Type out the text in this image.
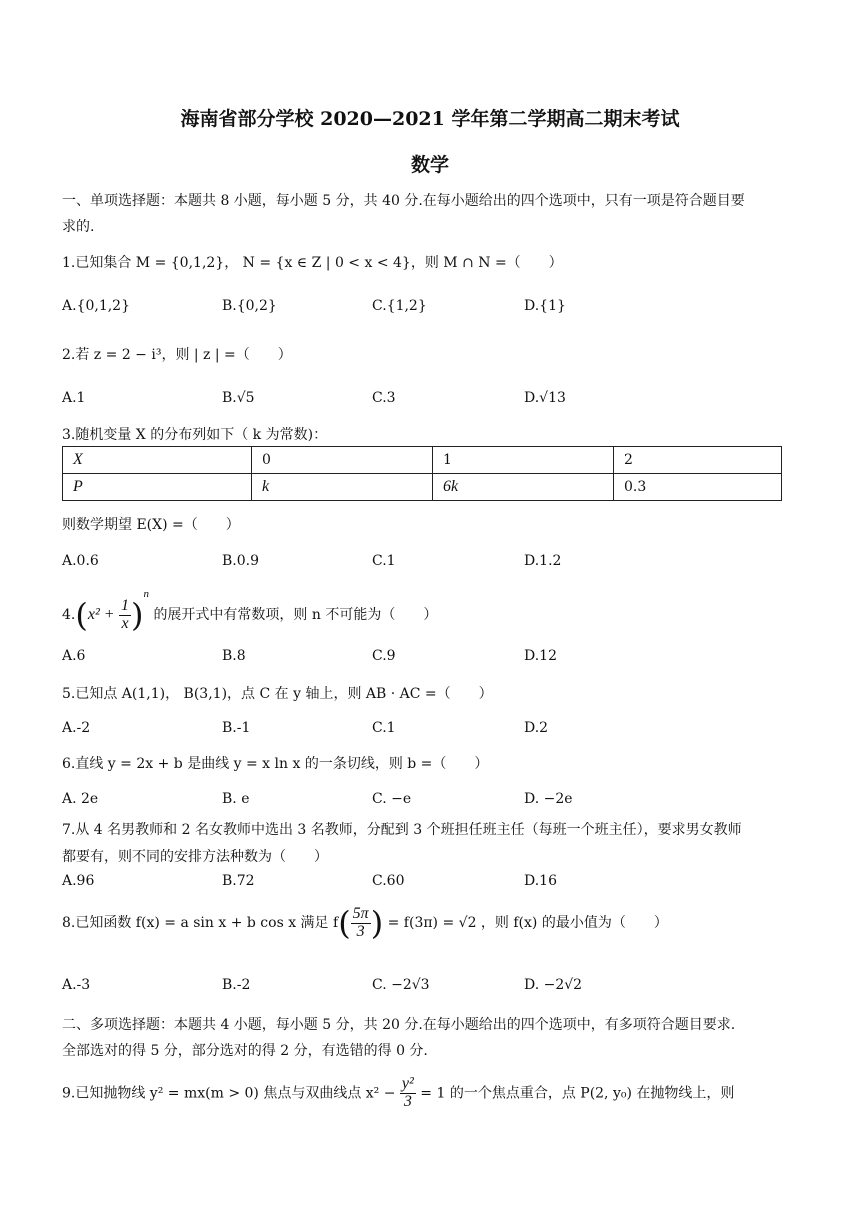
海南省部分学校 2020—2021 学年第二学期高二期末考试
数学
一、单项选择题：本题共 8 小题，每小题 5 分，共 40 分.在每小题给出的四个选项中，只有一项是符合题目要
求的.
1.已知集合 M = {0,1,2}， N = {x ∈ Z | 0 < x < 4}，则 M ∩ N =（　　）
A.{0,1,2}	B.{0,2}	C.{1,2}	D.{1}
2.若 z = 2 − i³，则 | z | =（　　）
A.1	B.√5	C.3	D.√13
3.随机变量 X 的分布列如下（ k 为常数)：
X	0	1	2
P	k	6k	0.3
则数学期望 E(X) =（　　）
A.0.6	B.0.9	C.1	D.1.2
$4.(x^2 + \frac{1}{x} )^n$ 的展开式中有常数项，则 n 不可能为（　　）
A.6	B.8	C.9	D.12
5.已知点 A(1,1)， B(3,1)，点 C 在 y 轴上，则 AB · AC =（　　）
A.-2	B.-1	C.1	D.2
6.直线 y = 2x + b 是曲线 y = x ln x 的一条切线，则 b =（　　）
A. 2e	B. e	C. −e	D. −2e
7.从 4 名男教师和 2 名女教师中选出 3 名教师，分配到 3 个班担任班主任（每班一个班主任），要求男女教师
都要有，则不同的安排方法种数为（　　）
A.96	B.72	C.60	D.16
8.已知函数 f(x) = a sin x + b cos x 满足 $f( \frac{5\pi}{3}$ ) = f(3π) = √2 ，则 f(x) 的最小值为（　　）
A.-3	B.-2	C. −2√3	D. −2√2
二、多项选择题：本题共 4 小题，每小题 5 分，共 20 分.在每小题给出的四个选项中，有多项符合题目要求.
全部选对的得 5 分，部分选对的得 2 分，有选错的得 0 分.
9.已知抛物线 y² = mx(m > 0) 焦点与双曲线点 $x^2 - \frac{\text{y²}}{3} = 1$ 的一个焦点重合，点 P(2, y₀) 在抛物线上，则
